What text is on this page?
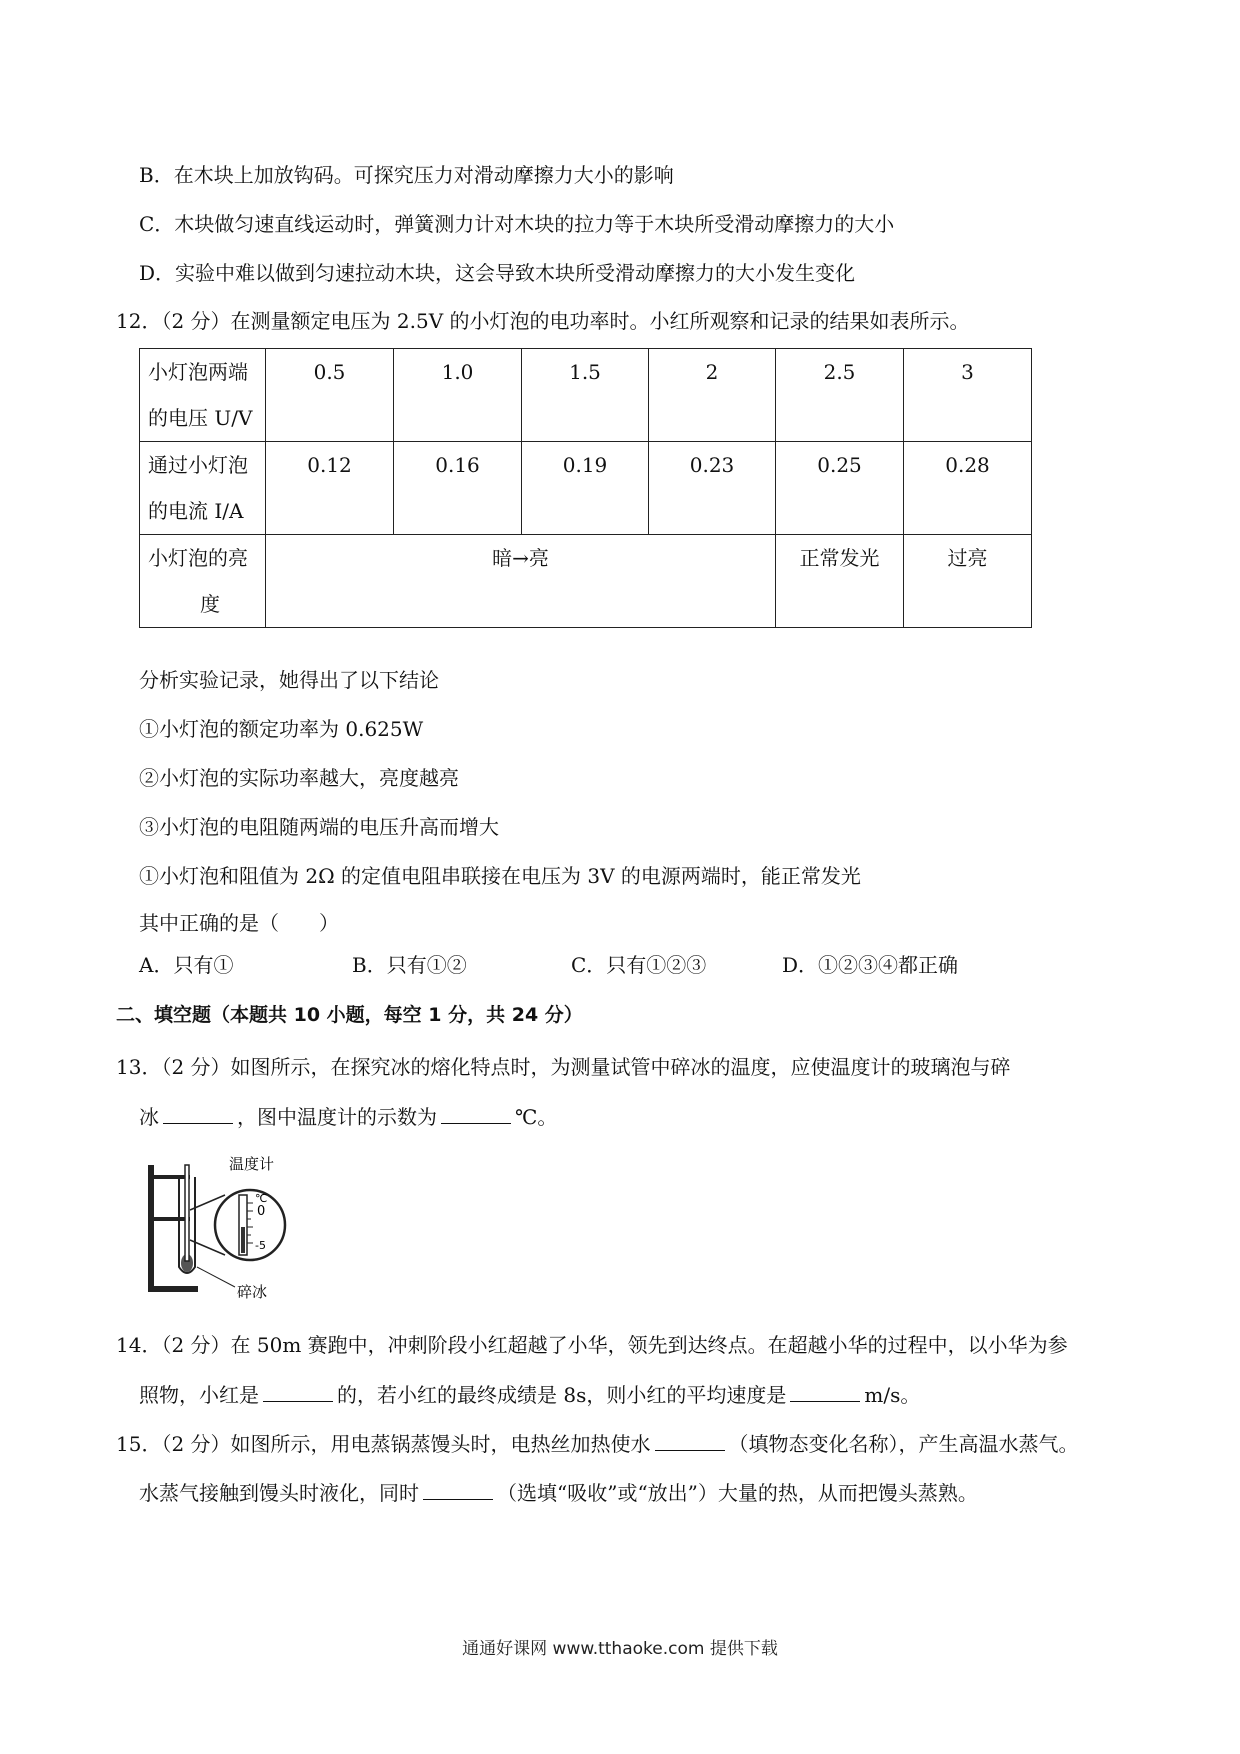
B．在木块上加放钩码。可探究压力对滑动摩擦力大小的影响
C．木块做匀速直线运动时，弹簧测力计对木块的拉力等于木块所受滑动摩擦力的大小
D．实验中难以做到匀速拉动木块，这会导致木块所受滑动摩擦力的大小发生变化
12．（2 分）在测量额定电压为 2.5V 的小灯泡的电功率时。小红所观察和记录的结果如表所示。
小灯泡两端
的电压 U/V	0.5	1.0	1.5	2	2.5	3

通过小灯泡
的电流 I/A	0.12	0.16	0.19	0.23	0.25	0.28

小灯泡的亮
度	暗→亮				正常发光	过亮
分析实验记录，她得出了以下结论
①小灯泡的额定功率为 0.625W
②小灯泡的实际功率越大，亮度越亮
③小灯泡的电阻随两端的电压升高而增大
①小灯泡和阻值为 2Ω 的定值电阻串联接在电压为 3V 的电源两端时，能正常发光
其中正确的是（　　）
A．只有①	B．只有①②	C．只有①②③	D．①②③④都正确
二、填空题（本题共 10 小题，每空 1 分，共 24 分）
13．（2 分）如图所示，在探究冰的熔化特点时，为测量试管中碎冰的温度，应使温度计的玻璃泡与碎
冰	，图中温度计的示数为	℃。
℃
0
-5
温度计
碎冰
14．（2 分）在 50m 赛跑中，冲刺阶段小红超越了小华，领先到达终点。在超越小华的过程中，以小华为参
照物，小红是	的，若小红的最终成绩是 8s，则小红的平均速度是	m/s。
15．（2 分）如图所示，用电蒸锅蒸馒头时，电热丝加热使水	（填物态变化名称），产生高温水蒸气。
水蒸气接触到馒头时液化，同时	（选填“吸收”或“放出”）大量的热，从而把馒头蒸熟。
通通好课网 www.tthaoke.com 提供下载
